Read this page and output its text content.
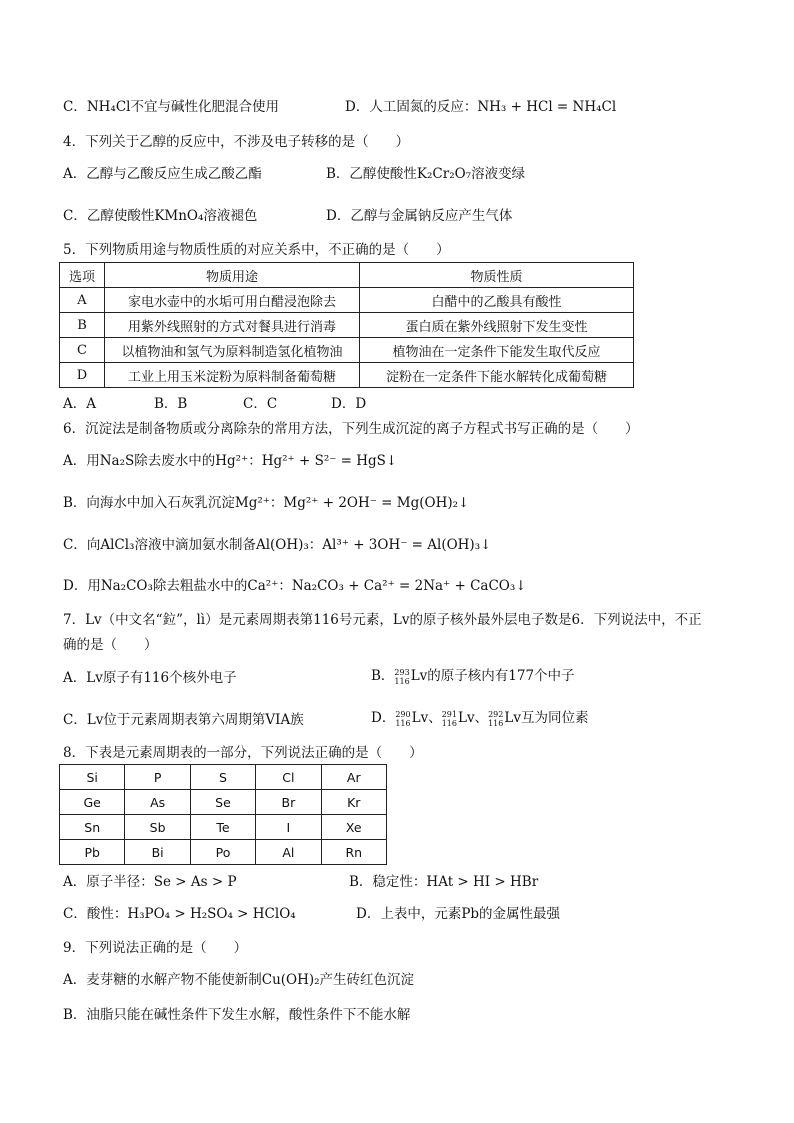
C．NH₄Cl不宜与碱性化肥混合使用	D．人工固氮的反应：NH₃ + HCl = NH₄Cl
4．下列关于乙醇的反应中，不涉及电子转移的是（　　）
A．乙醇与乙酸反应生成乙酸乙酯	B．乙醇使酸性K₂Cr₂O₇溶液变绿
C．乙醇使酸性KMnO₄溶液褪色	D．乙醇与金属钠反应产生气体
5．下列物质用途与物质性质的对应关系中，不正确的是（　　）
选项	物质用途	物质性质
A	家电水壶中的水垢可用白醋浸泡除去	白醋中的乙酸具有酸性
B	用紫外线照射的方式对餐具进行消毒	蛋白质在紫外线照射下发生变性
C	以植物油和氢气为原料制造氢化植物油	植物油在一定条件下能发生取代反应
D	工业上用玉米淀粉为原料制备葡萄糖	淀粉在一定条件下能水解转化成葡萄糖
A．A	B．B	C．C	D．D
6．沉淀法是制备物质或分离除杂的常用方法，下列生成沉淀的离子方程式书写正确的是（　　）
A．用Na₂S除去废水中的Hg²⁺：Hg²⁺ + S²⁻ = HgS↓
B．向海水中加入石灰乳沉淀Mg²⁺：Mg²⁺ + 2OH⁻ = Mg(OH)₂↓
C．向AlCl₃溶液中滴加氨水制备Al(OH)₃：Al³⁺ + 3OH⁻ = Al(OH)₃↓
D．用Na₂CO₃除去粗盐水中的Ca²⁺：Na₂CO₃ + Ca²⁺ = 2Na⁺ + CaCO₃↓
7．Lv（中文名“鉝”，lì）是元素周期表第116号元素，Lv的原子核外最外层电子数是6．下列说法中，不正
确的是（　　）
A．Lv原子有116个核外电子	B． 293
116 Lv的原子核内有177个中子
C．Lv位于元素周期表第六周期第VIA族	D． 290
116 Lv、 291
116 Lv、 292
116 Lv互为同位素
8．下表是元素周期表的一部分，下列说法正确的是（　　）
Si	P	S	Cl	Ar
Ge	As	Se	Br	Kr
Sn	Sb	Te	I	Xe
Pb	Bi	Po	Al	Rn
A．原子半径：Se > As > P	B．稳定性：HAt > HI > HBr
C．酸性：H₃PO₄ > H₂SO₄ > HClO₄	D．上表中，元素Pb的金属性最强
9．下列说法正确的是（　　）
A．麦芽糖的水解产物不能使新制Cu(OH)₂产生砖红色沉淀
B．油脂只能在碱性条件下发生水解，酸性条件下不能水解
